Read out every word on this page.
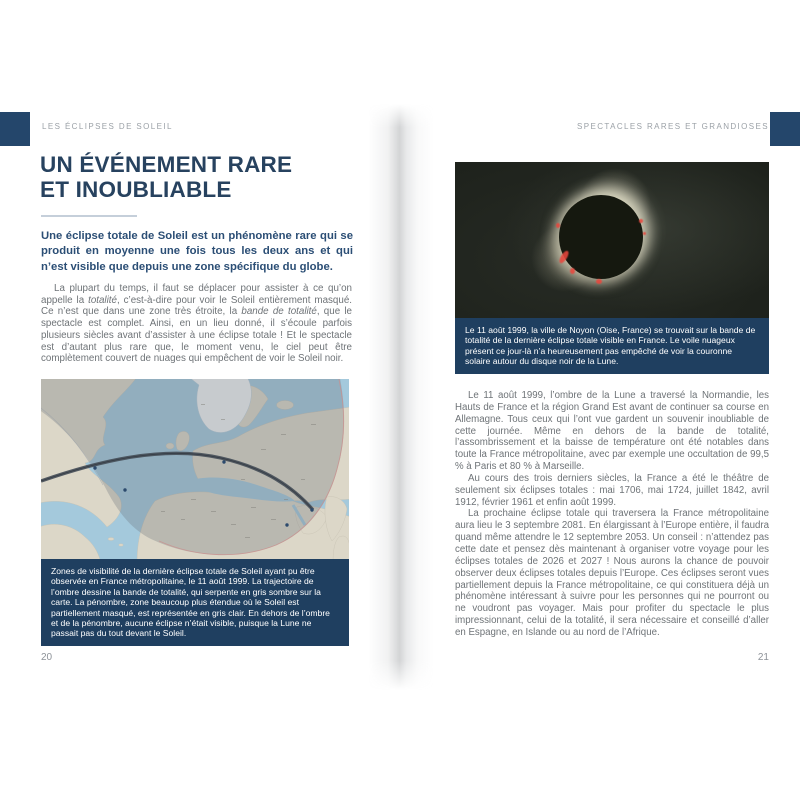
LES ÉCLIPSES DE SOLEIL
UN ÉVÉNEMENT RARE
ET INOUBLIABLE
Une éclipse totale de Soleil est un phénomène rare qui se produit en moyenne une fois tous les deux ans et qui n’est visible que depuis une zone spécifique du globe.

La plupart du temps, il faut se déplacer pour assister à ce qu’on appelle la totalité, c’est-à-dire pour voir le Soleil entièrement masqué. Ce n’est que dans une zone très étroite, la bande de totalité, que le spectacle est complet. Ainsi, en un lieu donné, il s’écoule parfois plusieurs siècles avant d’assister à une éclipse totale ! Et le spectacle est d’autant plus rare que, le moment venu, le ciel peut être complètement couvert de nuages qui empêchent de voir le Soleil noir.

Zones de visibilité de la dernière éclipse totale de Soleil ayant pu être observée en France métropolitaine, le 11 août 1999. La trajectoire de l’ombre dessine la bande de totalité, qui serpente en gris sombre sur la carte. La pénombre, zone beaucoup plus étendue où le Soleil est partiellement masqué, est représentée en gris clair. En dehors de l’ombre et de la pénombre, aucune éclipse n’était visible, puisque la Lune ne passait pas du tout devant le Soleil.
20
SPECTACLES RARES ET GRANDIOSES
Le 11 août 1999, la ville de Noyon (Oise, France) se trouvait sur la bande de totalité de la dernière éclipse totale visible en France. Le voile nuageux présent ce jour-là n’a heureusement pas empêché de voir la couronne solaire autour du disque noir de la Lune.

Le 11 août 1999, l’ombre de la Lune a traversé la Normandie, les Hauts de France et la région Grand Est avant de continuer sa course en Allemagne. Tous ceux qui l’ont vue gardent un souvenir inoubliable de cette journée. Même en dehors de la bande de totalité, l’assombrissement et la baisse de température ont été notables dans toute la France métropolitaine, avec par exemple une occultation de 99,5 % à Paris et 80 % à Marseille.

Au cours des trois derniers siècles, la France a été le théâtre de seulement six éclipses totales : mai 1706, mai 1724, juillet 1842, avril 1912, février 1961 et enfin août 1999.

La prochaine éclipse totale qui traversera la France métropolitaine aura lieu le 3 septembre 2081. En élargissant à l’Europe entière, il faudra quand même attendre le 12 septembre 2053. Un conseil : n’attendez pas cette date et pensez dès maintenant à organiser votre voyage pour les éclipses totales de 2026 et 2027 ! Nous aurons la chance de pouvoir observer deux éclipses totales depuis l’Europe. Ces éclipses seront vues partiellement depuis la France métropolitaine, ce qui constituera déjà un phénomène intéressant à suivre pour les personnes qui ne pourront ou ne voudront pas voyager. Mais pour profiter du spectacle le plus impressionnant, celui de la totalité, il sera nécessaire et conseillé d’aller en Espagne, en Islande ou au nord de l’Afrique.

21
